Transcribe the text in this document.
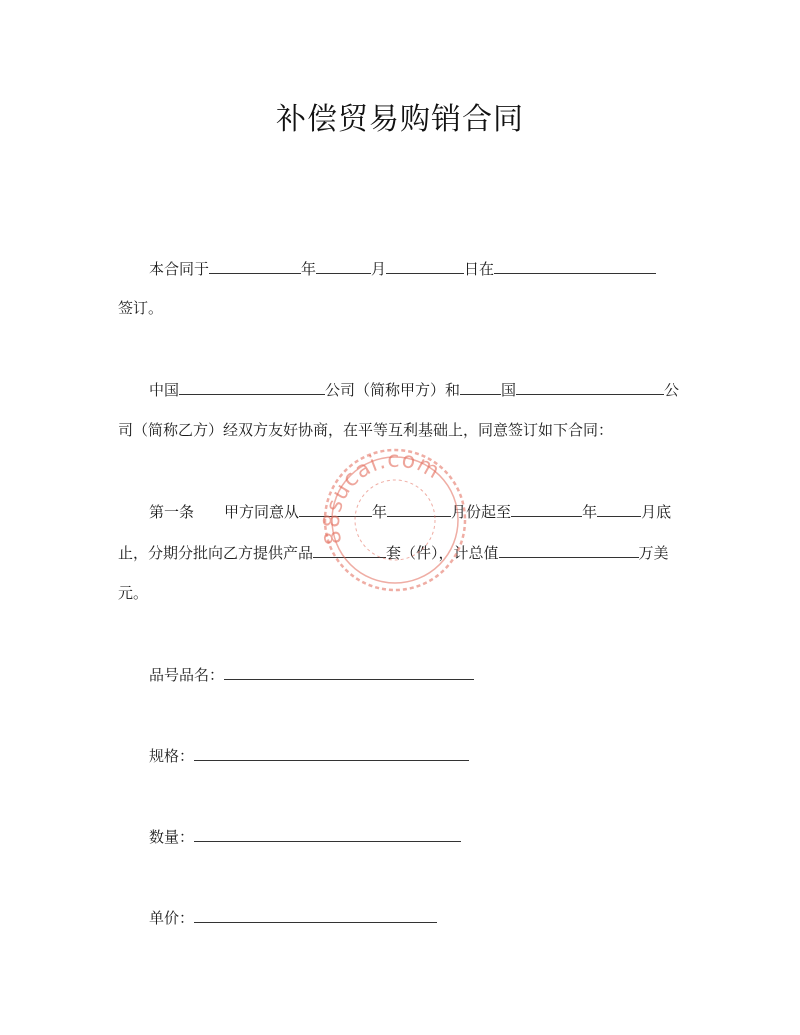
补偿贸易购销合同
本合同于	年	月	日在
签订。
中国	公司（简称甲方）和	国	公
司（简称乙方）经双方友好协商，在平等互利基础上，同意签订如下合同：
第一条 甲方同意从	年	月份起至	年	月底
止，分期分批向乙方提供产品	套（件），计总值	万美
元。
品号品名：
规格：
数量：
单价：
88sucai.com
